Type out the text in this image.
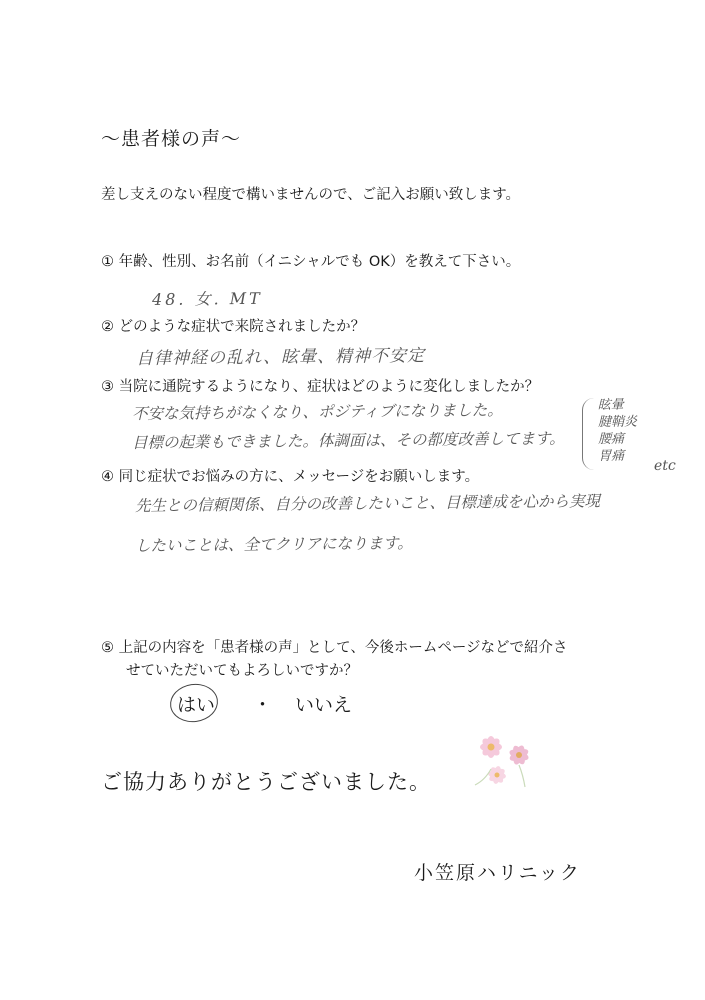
〜患者様の声〜
差し支えのない程度で構いませんので、ご記入お願い致します。
① 年齢、性別、お名前（イニシャルでも OK）を教えて下さい。
48. 女. MT
② どのような症状で来院されましたか？
自律神経の乱れ、眩暈、精神不安定
③ 当院に通院するようになり、症状はどのように変化しましたか？
不安な気持ちがなくなり、ポジティブになりました。
目標の起業もできました。体調面は、その都度改善してます。
眩暈
腱鞘炎
腰痛
胃痛
etc
④ 同じ症状でお悩みの方に、メッセージをお願いします。
先生との信頼関係、自分の改善したいこと、目標達成を心から実現
したいことは、全てクリアになります。
⑤ 上記の内容を「患者様の声」として、今後ホームページなどで紹介さ
せていただいてもよろしいですか？
はい ・ いいえ
ご協力ありがとうございました。
小笠原ハリニック
